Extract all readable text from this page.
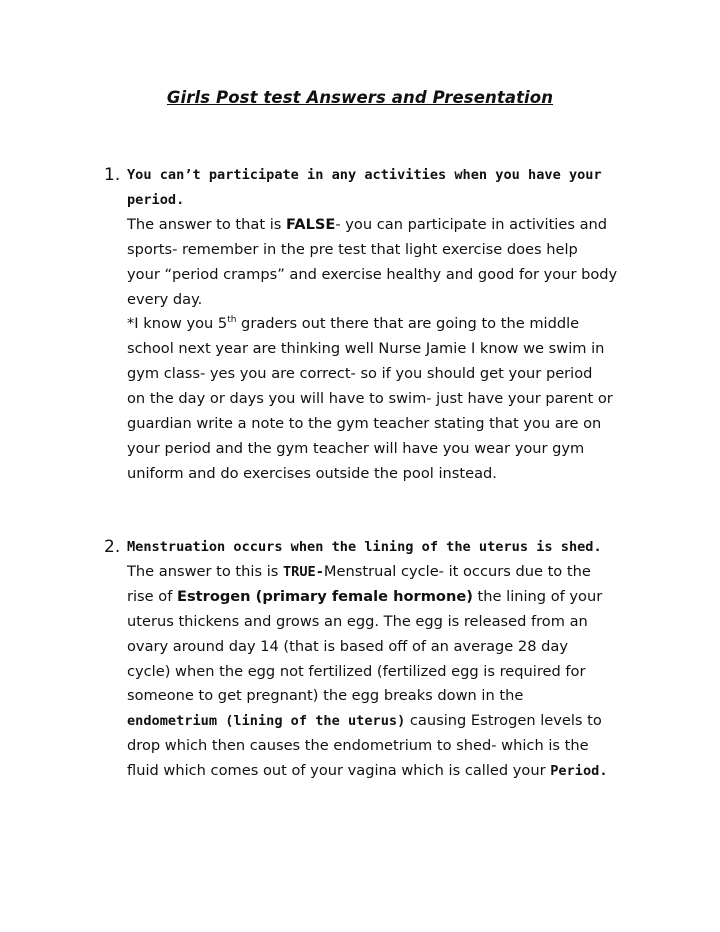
Girls Post test Answers and Presentation
1. You can’t participate in any activities when you have your
period.
The answer to that is FALSE- you can participate in activities and
sports- remember in the pre test that light exercise does help
your “period cramps” and exercise healthy and good for your body
every day.
*I know you 5th graders out there that are going to the middle
school next year are thinking well Nurse Jamie I know we swim in
gym class- yes you are correct- so if you should get your period
on the day or days you will have to swim- just have your parent or
guardian write a note to the gym teacher stating that you are on
your period and the gym teacher will have you wear your gym
uniform and do exercises outside the pool instead.
2. Menstruation occurs when the lining of the uterus is shed.
The answer to this is TRUE-Menstrual cycle- it occurs due to the
rise of Estrogen (primary female hormone) the lining of your
uterus thickens and grows an egg. The egg is released from an
ovary around day 14 (that is based off of an average 28 day
cycle) when the egg not fertilized (fertilized egg is required for
someone to get pregnant) the egg breaks down in the
endometrium (lining of the uterus) causing Estrogen levels to
drop which then causes the endometrium to shed- which is the
fluid which comes out of your vagina which is called your Period.
